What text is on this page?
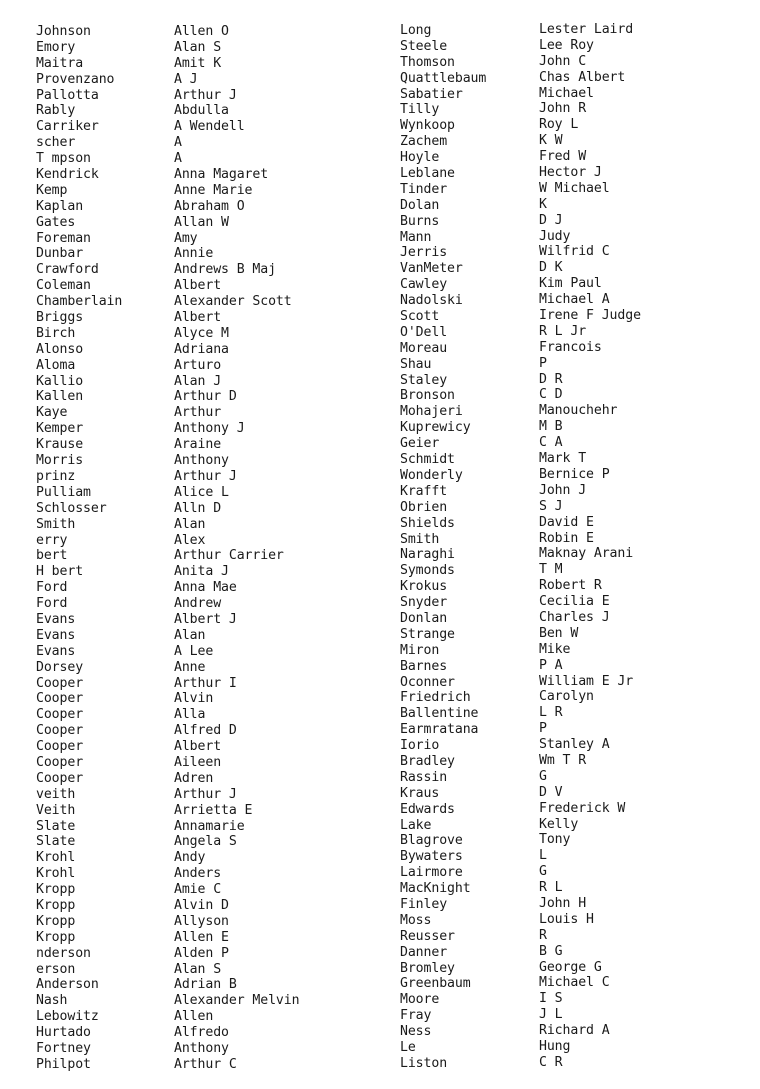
Johnson
Emory
Maitra
Provenzano
Pallotta
Rably
Carriker
scher
T mpson
Kendrick
Kemp
Kaplan
Gates
Foreman
Dunbar
Crawford
Coleman
Chamberlain
Briggs
Birch
Alonso
Aloma
Kallio
Kallen
Kaye
Kemper
Krause
Morris
prinz
Pulliam
Schlosser
Smith
erry
bert
H bert
Ford
Ford
Evans
Evans
Evans
Dorsey
Cooper
Cooper
Cooper
Cooper
Cooper
Cooper
Cooper
veith
Veith
Slate
Slate
Krohl
Krohl
Kropp
Kropp
Kropp
Kropp
nderson
erson
Anderson
Nash
Lebowitz
Hurtado
Fortney
Philpot
Allen O
Alan S
Amit K
A J
Arthur J
Abdulla
A Wendell
A
A
Anna Magaret
Anne Marie
Abraham O
Allan W
Amy
Annie
Andrews B Maj
Albert
Alexander Scott
Albert
Alyce M
Adriana
Arturo
Alan J
Arthur D
Arthur
Anthony J
Araine
Anthony
Arthur J
Alice L
Alln D
Alan
Alex
Arthur Carrier
Anita J
Anna Mae
Andrew
Albert J
Alan
A Lee
Anne
Arthur I
Alvin
Alla
Alfred D
Albert
Aileen
Adren
Arthur J
Arrietta E
Annamarie
Angela S
Andy
Anders
Amie C
Alvin D
Allyson
Allen E
Alden P
Alan S
Adrian B
Alexander Melvin
Allen
Alfredo
Anthony
Arthur C
Long
Steele
Thomson
Quattlebaum
Sabatier
Tilly
Wynkoop
Zachem
Hoyle
Leblane
Tinder
Dolan
Burns
Mann
Jerris
VanMeter
Cawley
Nadolski
Scott
O'Dell
Moreau
Shau
Staley
Bronson
Mohajeri
Kuprewicy
Geier
Schmidt
Wonderly
Krafft
Obrien
Shields
Smith
Naraghi
Symonds
Krokus
Snyder
Donlan
Strange
Miron
Barnes
Oconner
Friedrich
Ballentine
Earmratana
Iorio
Bradley
Rassin
Kraus
Edwards
Lake
Blagrove
Bywaters
Lairmore
MacKnight
Finley
Moss
Reusser
Danner
Bromley
Greenbaum
Moore
Fray
Ness
Le
Liston
Lester Laird
Lee Roy
John C
Chas Albert
Michael
John R
Roy L
K W
Fred W
Hector J
W Michael
K
D J
Judy
Wilfrid C
D K
Kim Paul
Michael A
Irene F Judge
R L Jr
Francois
P
D R
C D
Manouchehr
M B
C A
Mark T
Bernice P
John J
S J
David E
Robin E
Maknay Arani
T M
Robert R
Cecilia E
Charles J
Ben W
Mike
P A
William E Jr
Carolyn
L R
P
Stanley A
Wm T R
G
D V
Frederick W
Kelly
Tony
L
G
R L
John H
Louis H
R
B G
George G
Michael C
I S
J L
Richard A
Hung
C R
